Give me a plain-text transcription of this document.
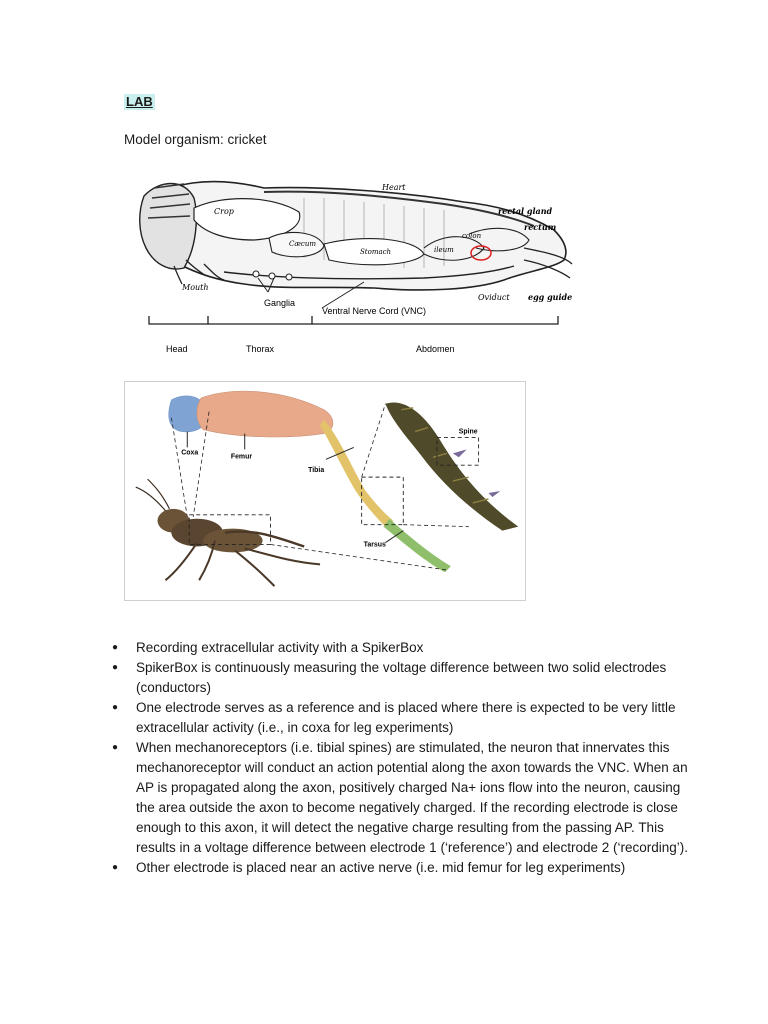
LAB
Model organism: cricket
Heart
rectal gland
rectum
Crop
Cæcum
Stomach	ileum
colon
Mouth
Oviduct egg guide
Ganglia
Ventral Nerve Cord (VNC)
Head	Thorax	Abdomen
Coxa
Femur
Tibia
Tarsus
Spine
● Recording extracellular activity with a SpikerBox
● SpikerBox is continuously measuring the voltage difference between two solid electrodes (conductors)
● One electrode serves as a reference and is placed where there is expected to be very little extracellular activity (i.e., in coxa for leg experiments)
● When mechanoreceptors (i.e. tibial spines) are stimulated, the neuron that innervates this mechanoreceptor will conduct an action potential along the axon towards the VNC. When an AP is propagated along the axon, positively charged Na+ ions flow into the neuron, causing the area outside the axon to become negatively charged. If the recording electrode is close enough to this axon, it will detect the negative charge resulting from the passing AP. This results in a voltage difference between electrode 1 (‘reference’) and electrode 2 (‘recording’).
● Other electrode is placed near an active nerve (i.e. mid femur for leg experiments)
